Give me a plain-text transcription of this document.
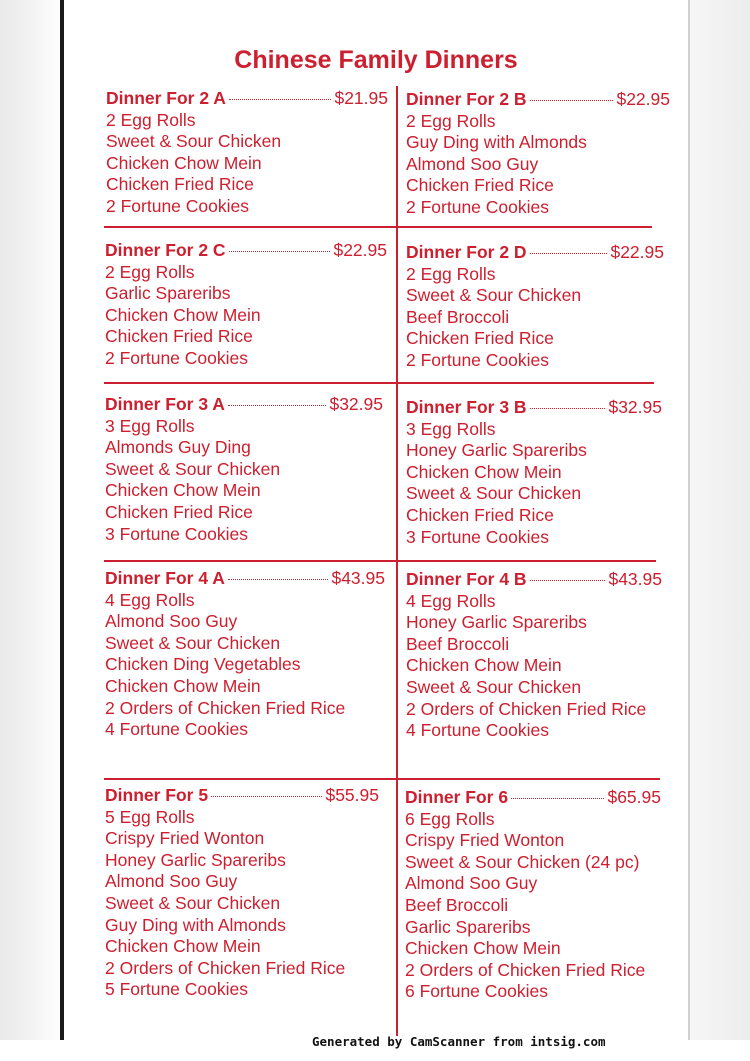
Chinese Family Dinners
Dinner For 2 A	$21.95
2 Egg Rolls
Sweet & Sour Chicken
Chicken Chow Mein
Chicken Fried Rice
2 Fortune Cookies
Dinner For 2 B	$22.95
2 Egg Rolls
Guy Ding with Almonds
Almond Soo Guy
Chicken Fried Rice
2 Fortune Cookies
Dinner For 2 C	$22.95
2 Egg Rolls
Garlic Spareribs
Chicken Chow Mein
Chicken Fried Rice
2 Fortune Cookies
Dinner For 2 D	$22.95
2 Egg Rolls
Sweet & Sour Chicken
Beef Broccoli
Chicken Fried Rice
2 Fortune Cookies
Dinner For 3 A	$32.95
3 Egg Rolls
Almonds Guy Ding
Sweet & Sour Chicken
Chicken Chow Mein
Chicken Fried Rice
3 Fortune Cookies
Dinner For 3 B	$32.95
3 Egg Rolls
Honey Garlic Spareribs
Chicken Chow Mein
Sweet & Sour Chicken
Chicken Fried Rice
3 Fortune Cookies
Dinner For 4 A	$43.95
4 Egg Rolls
Almond Soo Guy
Sweet & Sour Chicken
Chicken Ding Vegetables
Chicken Chow Mein
2 Orders of Chicken Fried Rice
4 Fortune Cookies
Dinner For 4 B	$43.95
4 Egg Rolls
Honey Garlic Spareribs
Beef Broccoli
Chicken Chow Mein
Sweet & Sour Chicken
2 Orders of Chicken Fried Rice
4 Fortune Cookies
Dinner For 5	$55.95
5 Egg Rolls
Crispy Fried Wonton
Honey Garlic Spareribs
Almond Soo Guy
Sweet & Sour Chicken
Guy Ding with Almonds
Chicken Chow Mein
2 Orders of Chicken Fried Rice
5 Fortune Cookies
Dinner For 6	$65.95
6 Egg Rolls
Crispy Fried Wonton
Sweet & Sour Chicken (24 pc)
Almond Soo Guy
Beef Broccoli
Garlic Spareribs
Chicken Chow Mein
2 Orders of Chicken Fried Rice
6 Fortune Cookies
Generated by CamScanner from intsig.com
